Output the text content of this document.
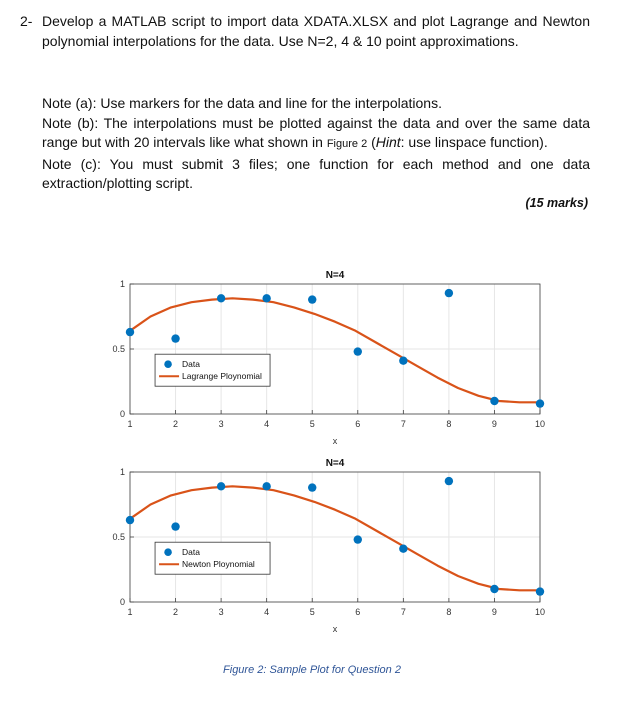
2- Develop a MATLAB script to import data XDATA.XLSX and plot Lagrange and Newton polynomial interpolations for the data. Use N=2, 4 & 10 point approximations.

Note (a): Use markers for the data and line for the interpolations.

Note (b): The interpolations must be plotted against the data and over the same data range but with 20 intervals like what shown in Figure 2 (Hint: use linspace function).

Note (c): You must submit 3 files; one function for each method and one data extraction/plotting script.

(15 marks)
1	2	3	4	5	6	7	8	9	10
0
0.5
1
N=4
x
Data
Lagrange Ploynomial
1	2	3	4	5	6	7	8	9	10
0
0.5
1
N=4
x
Data
Newton Ploynomial
Figure 2: Sample Plot for Question 2
